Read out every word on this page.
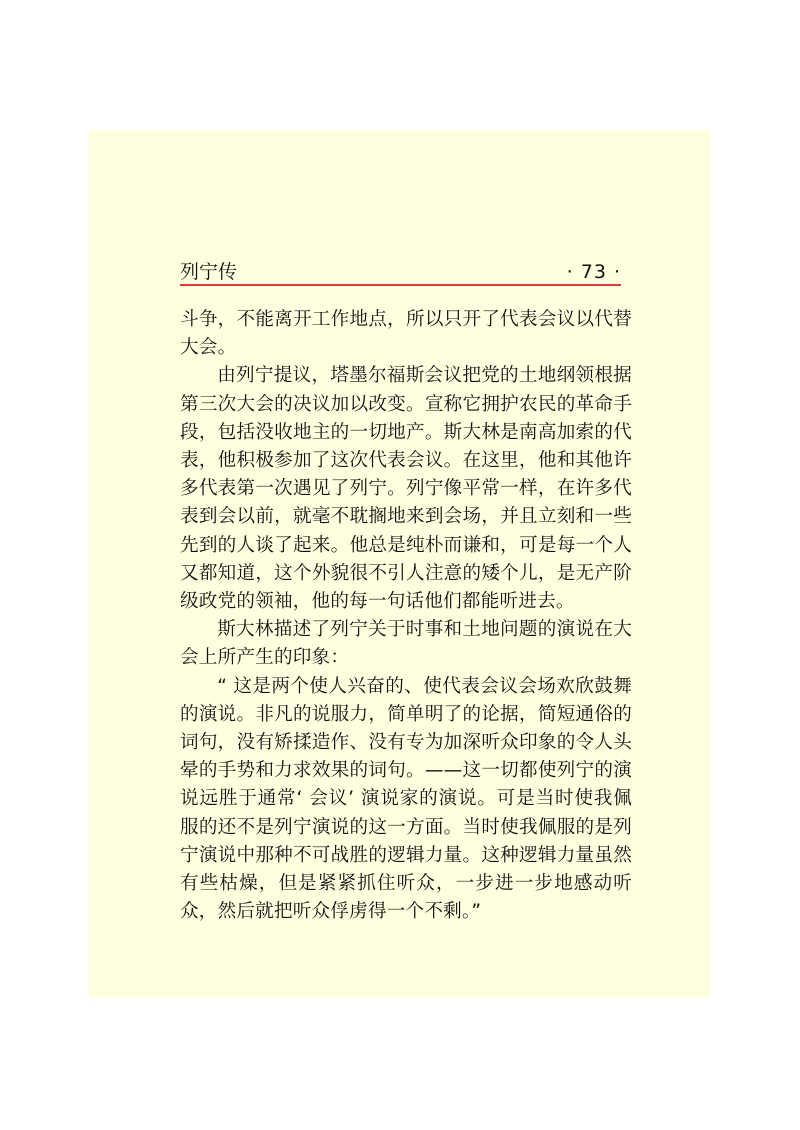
列宁传	· 73 ·

斗争，不能离开工作地点，所以只开了代表会议以代替大会。

由列宁提议，塔墨尔福斯会议把党的土地纲领根据第三次大会的决议加以改变。宣称它拥护农民的革命手段，包括没收地主的一切地产。斯大林是南高加索的代表，他积极参加了这次代表会议。在这里，他和其他许多代表第一次遇见了列宁。列宁像平常一样，在许多代表到会以前，就毫不耽搁地来到会场，并且立刻和一些先到的人谈了起来。他总是纯朴而谦和，可是每一个人又都知道，这个外貌很不引人注意的矮个儿，是无产阶级政党的领袖，他的每一句话他们都能听进去。

斯大林描述了列宁关于时事和土地问题的演说在大会上所产生的印象：

“ 这是两个使人兴奋的、使代表会议会场欢欣鼓舞的演说。非凡的说服力，简单明了的论据，简短通俗的词句，没有矫揉造作、没有专为加深听众印象的令人头晕的手势和力求效果的词句。——这一切都使列宁的演说远胜于通常‘ 会议’ 演说家的演说。可是当时使我佩服的还不是列宁演说的这一方面。当时使我佩服的是列宁演说中那种不可战胜的逻辑力量。这种逻辑力量虽然有些枯燥，但是紧紧抓住听众，一步进一步地感动听众，然后就把听众俘虏得一个不剩。”
